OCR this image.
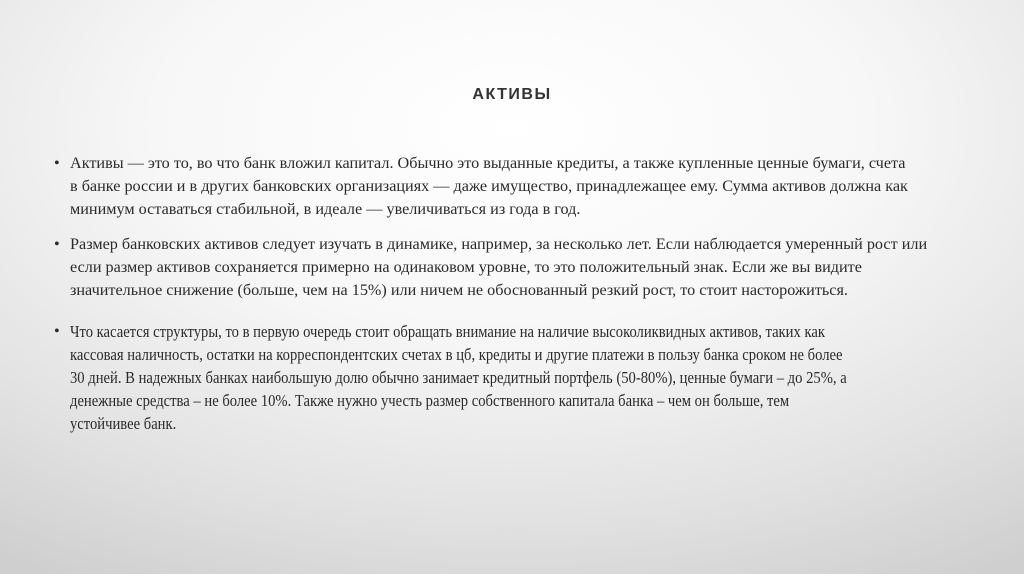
АКТИВЫ
• Активы — это то, во что банк вложил капитал. Обычно это выданные кредиты, а также купленные ценные бумаги, счета
в банке россии и в других банковских организациях — даже имущество, принадлежащее ему. Сумма активов должна как
минимум оставаться стабильной, в идеале — увеличиваться из года в год.
• Размер банковских активов следует изучать в динамике, например, за несколько лет. Если наблюдается умеренный рост или
если размер активов сохраняется примерно на одинаковом уровне, то это положительный знак. Если же вы видите
значительное снижение (больше, чем на 15%) или ничем не обоснованный резкий рост, то стоит насторожиться.
• Что касается структуры, то в первую очередь стоит обращать внимание на наличие высоколиквидных активов, таких как
кассовая наличность, остатки на корреспондентских счетах в цб, кредиты и другие платежи в пользу банка сроком не более
30 дней. В надежных банках наибольшую долю обычно занимает кредитный портфель (50-80%), ценные бумаги – до 25%, а
денежные средства – не более 10%. Также нужно учесть размер собственного капитала банка – чем он больше, тем
устойчивее банк.
